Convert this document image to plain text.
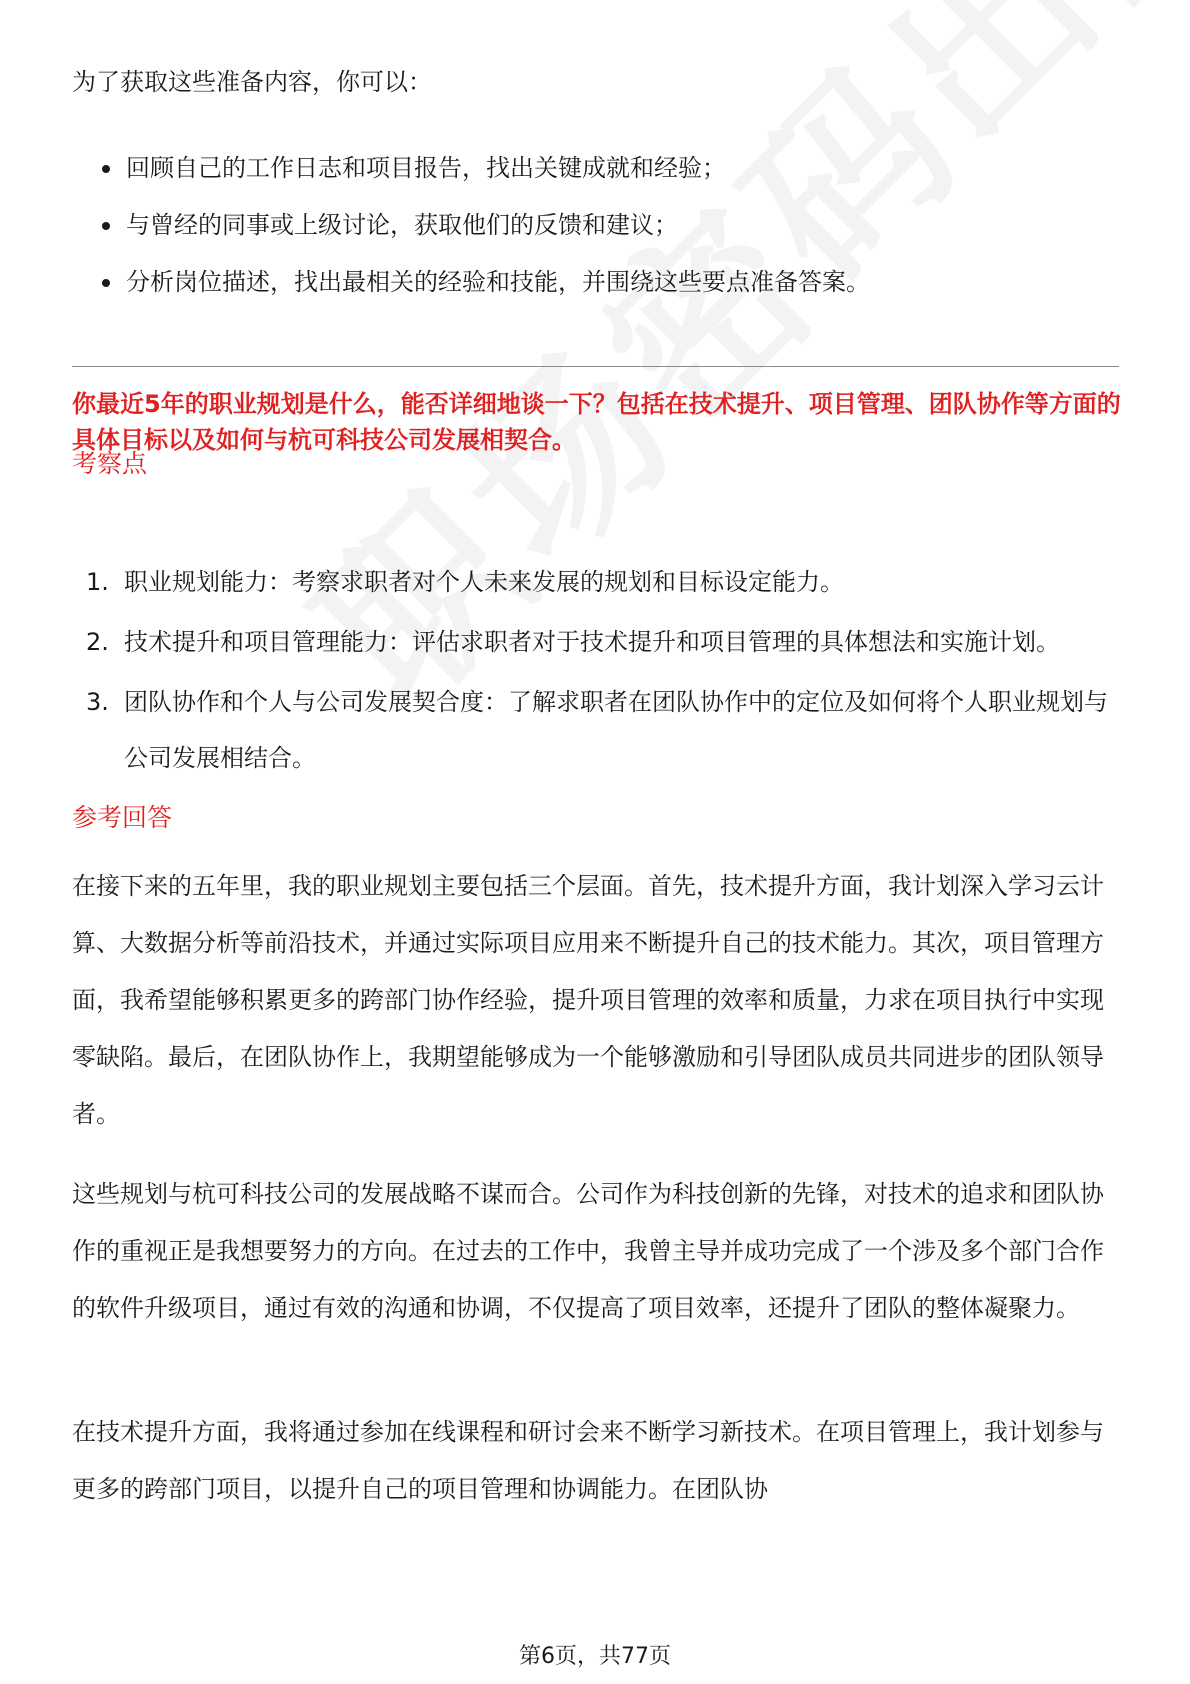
为了获取这些准备内容，你可以：

回顾自己的工作日志和项目报告，找出关键成就和经验；
与曾经的同事或上级讨论，获取他们的反馈和建议；
分析岗位描述，找出最相关的经验和技能，并围绕这些要点准备答案。

你最近5年的职业规划是什么，能否详细地谈一下？包括在技术提升、项目管理、团队协作等方面的具体目标以及如何与杭可科技公司发展相契合。

考察点
1. 职业规划能力：考察求职者对个人未来发展的规划和目标设定能力。
2. 技术提升和项目管理能力：评估求职者对于技术提升和项目管理的具体想法和实施计划。
3. 团队协作和个人与公司发展契合度：了解求职者在团队协作中的定位及如何将个人职业规划与公司发展相结合。
参考回答

在接下来的五年里，我的职业规划主要包括三个层面。首先，技术提升方面，我计划深入学习云计算、大数据分析等前沿技术，并通过实际项目应用来不断提升自己的技术能力。其次，项目管理方面，我希望能够积累更多的跨部门协作经验，提升项目管理的效率和质量，力求在项目执行中实现零缺陷。最后，在团队协作上，我期望能够成为一个能够激励和引导团队成员共同进步的团队领导者。

这些规划与杭可科技公司的发展战略不谋而合。公司作为科技创新的先锋，对技术的追求和团队协作的重视正是我想要努力的方向。在过去的工作中，我曾主导并成功完成了一个涉及多个部门合作的软件升级项目，通过有效的沟通和协调，不仅提高了项目效率，还提升了团队的整体凝聚力。

在技术提升方面，我将通过参加在线课程和研讨会来不断学习新技术。在项目管理上，我计划参与更多的跨部门项目，以提升自己的项目管理和协调能力。在团队协

第6页，共77页
